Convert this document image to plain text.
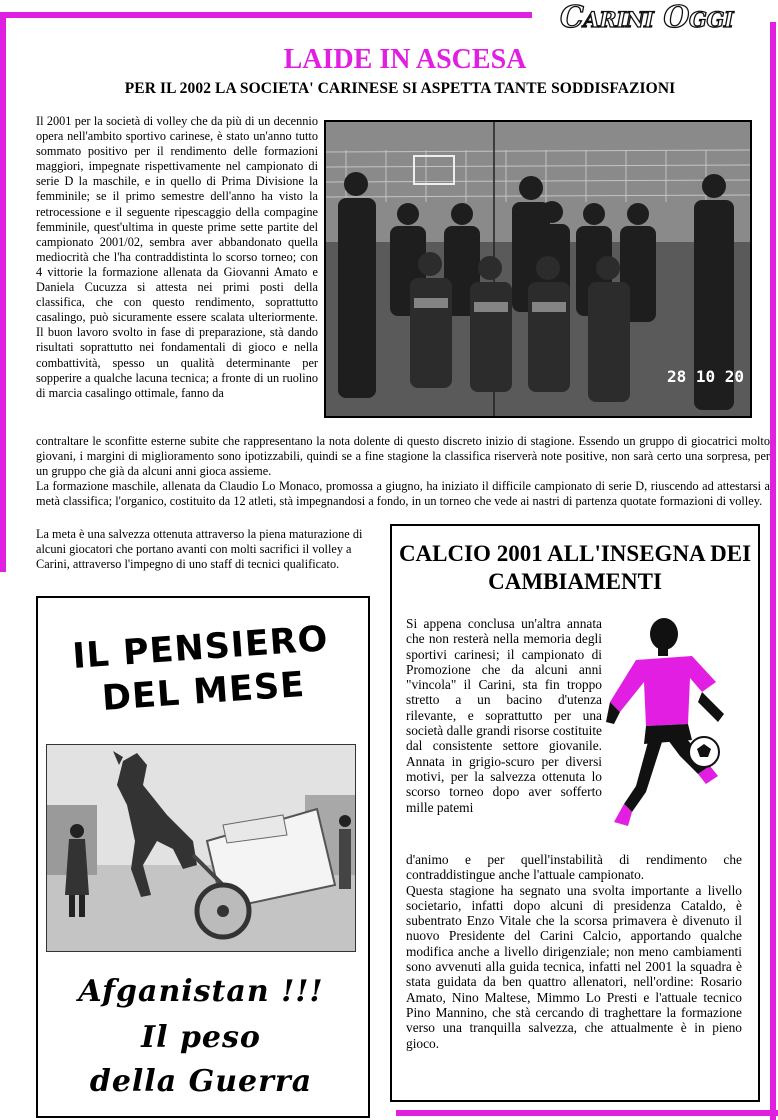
Carini Oggi
LAIDE IN ASCESA
PER IL 2002 LA SOCIETA' CARINESE SI ASPETTA TANTE SODDISFAZIONI
Il 2001 per la società di volley che da più di un decennio opera nell'ambito sportivo carinese, è stato un'anno tutto sommato positivo per il rendimento delle formazioni maggiori, impegnate rispettivamente nel campionato di serie D la maschile, e in quello di Prima Divisione la femminile; se il primo semestre dell'anno ha visto la retrocessione e il seguente ripescaggio della compagine femminile, quest'ultima in queste prime sette partite del campionato 2001/02, sembra aver abbandonato quella mediocrità che l'ha contraddistinta lo scorso torneo; con 4 vittorie la formazione allenata da Giovanni Amato e Daniela Cucuzza si attesta nei primi posti della classifica, che con questo rendimento, soprattutto casalingo, può sicuramente essere scalata ulteriormente. Il buon lavoro svolto in fase di preparazione, stà dando risultati soprattutto nei fondamentali di gioco e nella combattività, spesso un qualità determinante per sopperire a qualche lacuna tecnica; a fronte di un ruolino di marcia casalingo ottimale, fanno da
28 10 20
contraltare le sconfitte esterne subite che rappresentano la nota dolente di questo discreto inizio di stagione. Essendo un gruppo di giocatrici molto giovani, i margini di miglioramento sono ipotizzabili, quindi se a fine stagione la classifica riserverà note positive, non sarà certo una sorpresa, per un gruppo che già da alcuni anni gioca assieme.
La formazione maschile, allenata da Claudio Lo Monaco, promossa a giugno, ha iniziato il difficile campionato di serie D, riuscendo ad attestarsi a metà classifica; l'organico, costituito da 12 atleti, stà impegnandosi a fondo, in un torneo che vede ai nastri di partenza quotate formazioni di volley.
La meta è una salvezza ottenuta attraverso la piena maturazione di alcuni giocatori che portano avanti con molti sacrifici il volley a Carini, attraverso l'impegno di uno staff di tecnici qualificato.	CALCIO 2001 ALL'INSEGNA DEI CAMBIAMENTI
Si appena conclusa un'altra annata che non resterà nella memoria degli sportivi carinesi; il campionato di Promozione che da alcuni anni "vincola" il Carini, sta fin troppo stretto a un bacino d'utenza rilevante, e soprattutto per una società dalle grandi risorse costituite dal consistente settore giovanile. Annata in grigio-scuro per diversi motivi, per la salvezza ottenuta lo scorso torneo dopo aver sofferto mille patemi
d'animo e per quell'instabilità di rendimento che contraddistingue anche l'attuale campionato.
Questa stagione ha segnato una svolta importante a livello societario, infatti dopo alcuni di presidenza Cataldo, è subentrato Enzo Vitale che la scorsa primavera è divenuto il nuovo Presidente del Carini Calcio, apportando qualche modifica anche a livello dirigenziale; non meno cambiamenti sono avvenuti alla guida tecnica, infatti nel 2001 la squadra è stata guidata da ben quattro allenatori, nell'ordine: Rosario Amato, Nino Maltese, Mimmo Lo Presti e l'attuale tecnico Pino Mannino, che stà cercando di traghettare la formazione verso una tranquilla salvezza, che attualmente è in pieno gioco.
IL PENSIERO
DEL MESE
Afganistan !!!
Il peso
della Guerra
